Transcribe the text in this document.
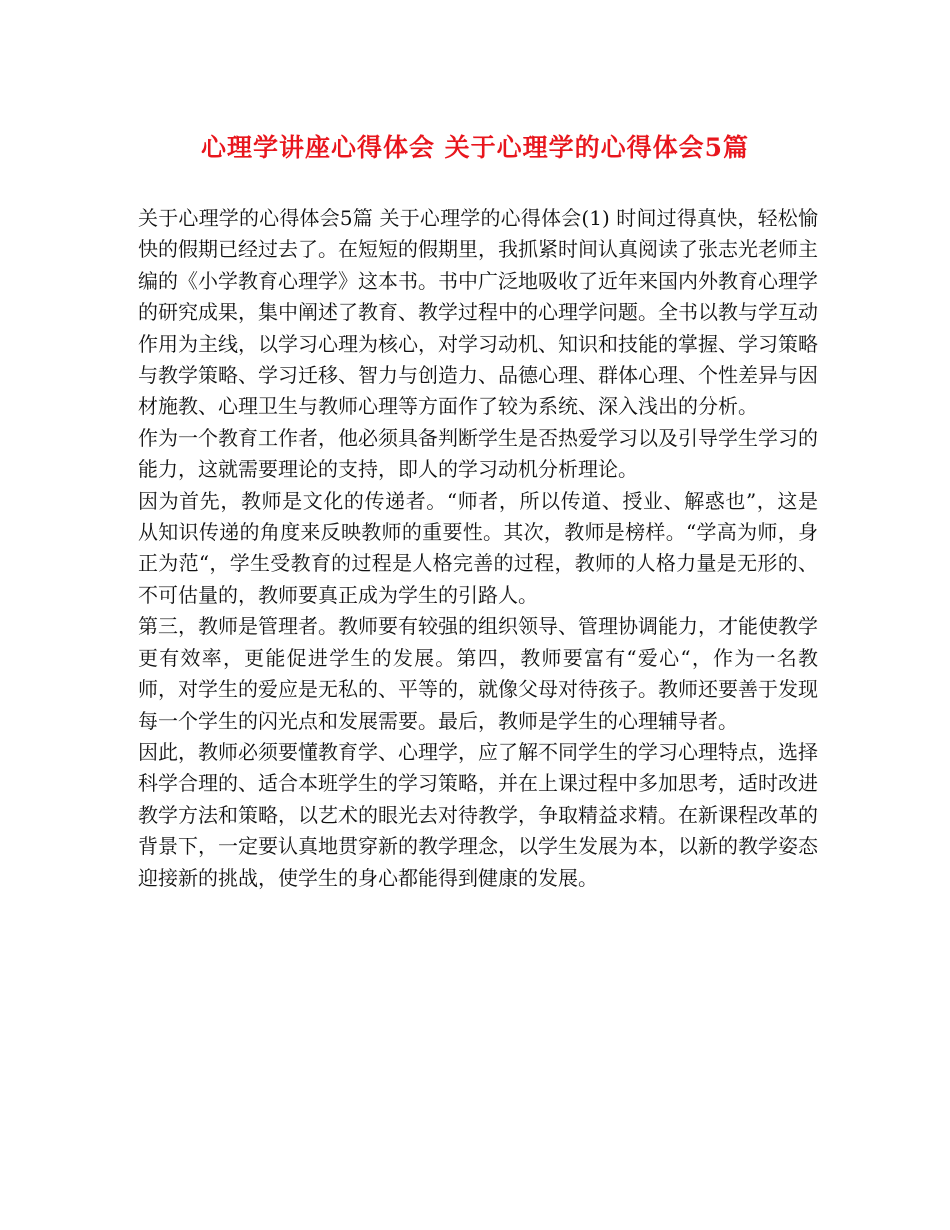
心理学讲座心得体会 关于心理学的心得体会5篇

关于心理学的心得体会5篇 关于心理学的心得体会(1) 时间过得真快，轻松愉快的假期已经过去了。在短短的假期里，我抓紧时间认真阅读了张志光老师主编的《小学教育心理学》这本书。书中广泛地吸收了近年来国内外教育心理学的研究成果，集中阐述了教育、教学过程中的心理学问题。全书以教与学互动作用为主线，以学习心理为核心，对学习动机、知识和技能的掌握、学习策略与教学策略、学习迁移、智力与创造力、品德心理、群体心理、个性差异与因材施教、心理卫生与教师心理等方面作了较为系统、深入浅出的分析。

作为一个教育工作者，他必须具备判断学生是否热爱学习以及引导学生学习的能力，这就需要理论的支持，即人的学习动机分析理论。

因为首先，教师是文化的传递者。“师者，所以传道、授业、解惑也”，这是从知识传递的角度来反映教师的重要性。其次，教师是榜样。“学高为师，身正为范“，学生受教育的过程是人格完善的过程，教师的人格力量是无形的、不可估量的，教师要真正成为学生的引路人。

第三，教师是管理者。教师要有较强的组织领导、管理协调能力，才能使教学更有效率，更能促进学生的发展。第四，教师要富有“爱心“，作为一名教师，对学生的爱应是无私的、平等的，就像父母对待孩子。教师还要善于发现每一个学生的闪光点和发展需要。最后，教师是学生的心理辅导者。

因此，教师必须要懂教育学、心理学，应了解不同学生的学习心理特点，选择科学合理的、适合本班学生的学习策略，并在上课过程中多加思考，适时改进教学方法和策略，以艺术的眼光去对待教学，争取精益求精。在新课程改革的背景下，一定要认真地贯穿新的教学理念，以学生发展为本，以新的教学姿态迎接新的挑战，使学生的身心都能得到健康的发展。
